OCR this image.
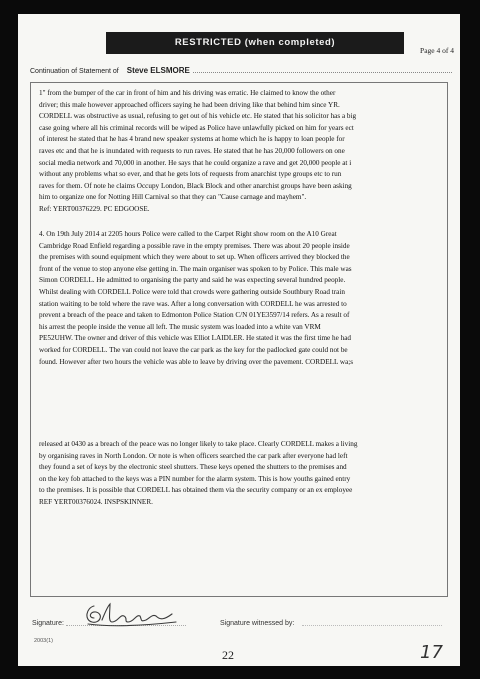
RESTRICTED (when completed)
Page 4 of 4
Continuation of Statement of Steve ELSMORE
1" from the bumper of the car in front of him and his driving was erratic. He claimed to know the other
driver; this male however approached officers saying he had been driving like that behind him since YR.
CORDELL was obstructive as usual, refusing to get out of his vehicle etc. He stated that his solicitor has a big
case going where all his criminal records will be wiped as Police have unlawfully picked on him for years ect
of interest he stated that he has 4 brand new speaker systems at home which he is happy to loan people for
raves etc and that he is inundated with requests to run raves. He stated that he has 20,000 followers on one
social media network and 70,000 in another. He says that he could organize a rave and get 20,000 people at i
without any problems what so ever, and that he gets lots of requests from anarchist type groups etc to run
raves for them. Of note he claims Occupy London, Black Block and other anarchist groups have been asking
him to organize one for Notting Hill Carnival so that they can "Cause carnage and mayhem".
Ref: YERT00376229. PC EDGOOSE.
4. On 19th July 2014 at 2205 hours Police were called to the Carpet Right show room on the A10 Great
Cambridge Road Enfield regarding a possible rave in the empty premises. There was about 20 people inside
the premises with sound equipment which they were about to set up. When officers arrived they blocked the
front of the venue to stop anyone else getting in. The main organiser was spoken to by Police. This male was
Simon CORDELL. He admitted to organising the party and said he was expecting several hundred people.
Whilst dealing with CORDELL Police were told that crowds were gathering outside Southbury Road train
station waiting to be told where the rave was. After a long conversation with CORDELL he was arrested to
prevent a breach of the peace and taken to Edmonton Police Station C/N 01YE3597/14 refers. As a result of
his arrest the people inside the venue all left. The music system was loaded into a white van VRM
PE52UHW. The owner and driver of this vehicle was Elliot LAIDLER. He stated it was the first time he had
worked for CORDELL. The van could not leave the car park as the key for the padlocked gate could not be
found. However after two hours the vehicle was able to leave by driving over the pavement. CORDELL wa;s
released at 0430 as a breach of the peace was no longer likely to take place. Clearly CORDELL makes a living
by organising raves in North London. Or note is when officers searched the car park after everyone had left
they found a set of keys by the electronic steel shutters. These keys opened the shutters to the premises and
on the key fob attached to the keys was a PIN number for the alarm system. This is how youths gained entry
to the premises. It is possible that CORDELL has obtained them via the security company or an ex employee
REF YERT00376024. INSPSKINNER.
Signature:	Signature witnessed by:
2003(1)
22	17
